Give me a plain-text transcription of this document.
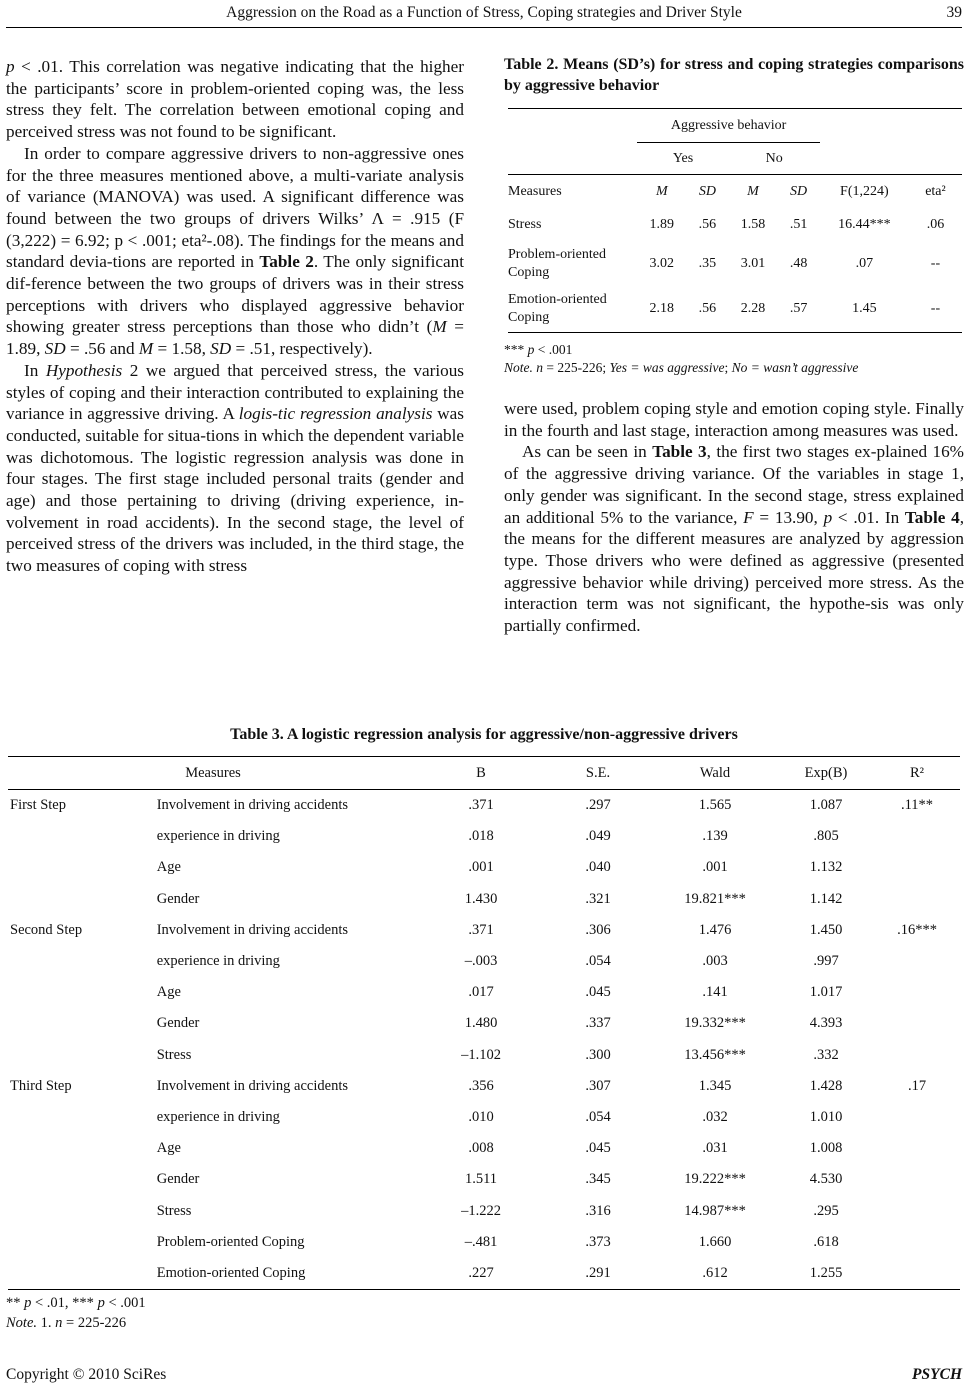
Aggression on the Road as a Function of Stress, Coping strategies and Driver Style	39

p < .01. This correlation was negative indicating that the higher the participants’ score in problem-oriented coping was, the less stress they felt. The correlation between emotional coping and perceived stress was not found to be significant.

In order to compare aggressive drivers to non-aggressive ones for the three measures mentioned above, a multi-variate analysis of variance (MANOVA) was used. A significant difference was found between the two groups of drivers Wilks’ Λ = .915 (F (3,222) = 6.92; p < .001; eta²-.08). The findings for the means and standard devia-tions are reported in Table 2. The only significant dif-ference between the two groups of drivers was in their stress perceptions with drivers who displayed aggressive behavior showing greater stress perceptions than those who didn’t (M = 1.89, SD = .56 and M = 1.58, SD = .51, respectively).

In Hypothesis 2 we argued that perceived stress, the various styles of coping and their interaction contributed to explaining the variance in aggressive driving. A logis-tic regression analysis was conducted, suitable for situa-tions in which the dependent variable was dichotomous. The logistic regression analysis was done in four stages. The first stage included personal traits (gender and age) and those pertaining to driving (driving experience, in-volvement in road accidents). In the second stage, the level of perceived stress of the drivers was included, in the third stage, the two measures of coping with stress

Table 2. Means (SD’s) for stress and coping strategies comparisons by aggressive behavior
	Aggressive behavior					
	Yes		No			
Measures	M	SD	M	SD	F(1,224)	eta²
Stress	1.89	.56	1.58	.51	16.44***	.06
Problem-oriented Coping	3.02	.35	3.01	.48	.07	--
Emotion-oriented Coping	2.18	.56	2.28	.57	1.45	--
*** p < .001
Note. n = 225-226; Yes = was aggressive; No = wasn’t aggressive

were used, problem coping style and emotion coping style. Finally in the fourth and last stage, interaction among measures was used.

As can be seen in Table 3, the first two stages ex-plained 16% of the aggressive driving variance. Of the variables in stage 1, only gender was significant. In the second stage, stress explained an additional 5% to the variance, F = 13.90, p < .01. In Table 4, the means for the different measures are analyzed by aggression type. Those drivers who were defined as aggressive (presented aggressive behavior while driving) perceived more stress. As the interaction term was not significant, the hypothe-sis was only partially confirmed.

Table 3. A logistic regression analysis for aggressive/non-aggressive drivers
Measures		B	S.E.	Wald	Exp(B)	R²
First Step	Involvement in driving accidents	.371	.297	1.565	1.087	.11**
	experience in driving	.018	.049	.139	.805	
	Age	.001	.040	.001	1.132	
	Gender	1.430	.321	19.821***	1.142	
Second Step	Involvement in driving accidents	.371	.306	1.476	1.450	.16***
	experience in driving	–.003	.054	.003	.997	
	Age	.017	.045	.141	1.017	
	Gender	1.480	.337	19.332***	4.393	
	Stress	–1.102	.300	13.456***	.332	
Third Step	Involvement in driving accidents	.356	.307	1.345	1.428	.17
	experience in driving	.010	.054	.032	1.010	
	Age	.008	.045	.031	1.008	
	Gender	1.511	.345	19.222***	4.530	
	Stress	–1.222	.316	14.987***	.295	
	Problem-oriented Coping	–.481	.373	1.660	.618	
	Emotion-oriented Coping	.227	.291	.612	1.255	
** p < .01, *** p < .001
Note. 1. n = 225-226
Copyright © 2010 SciRes	PSYCH
